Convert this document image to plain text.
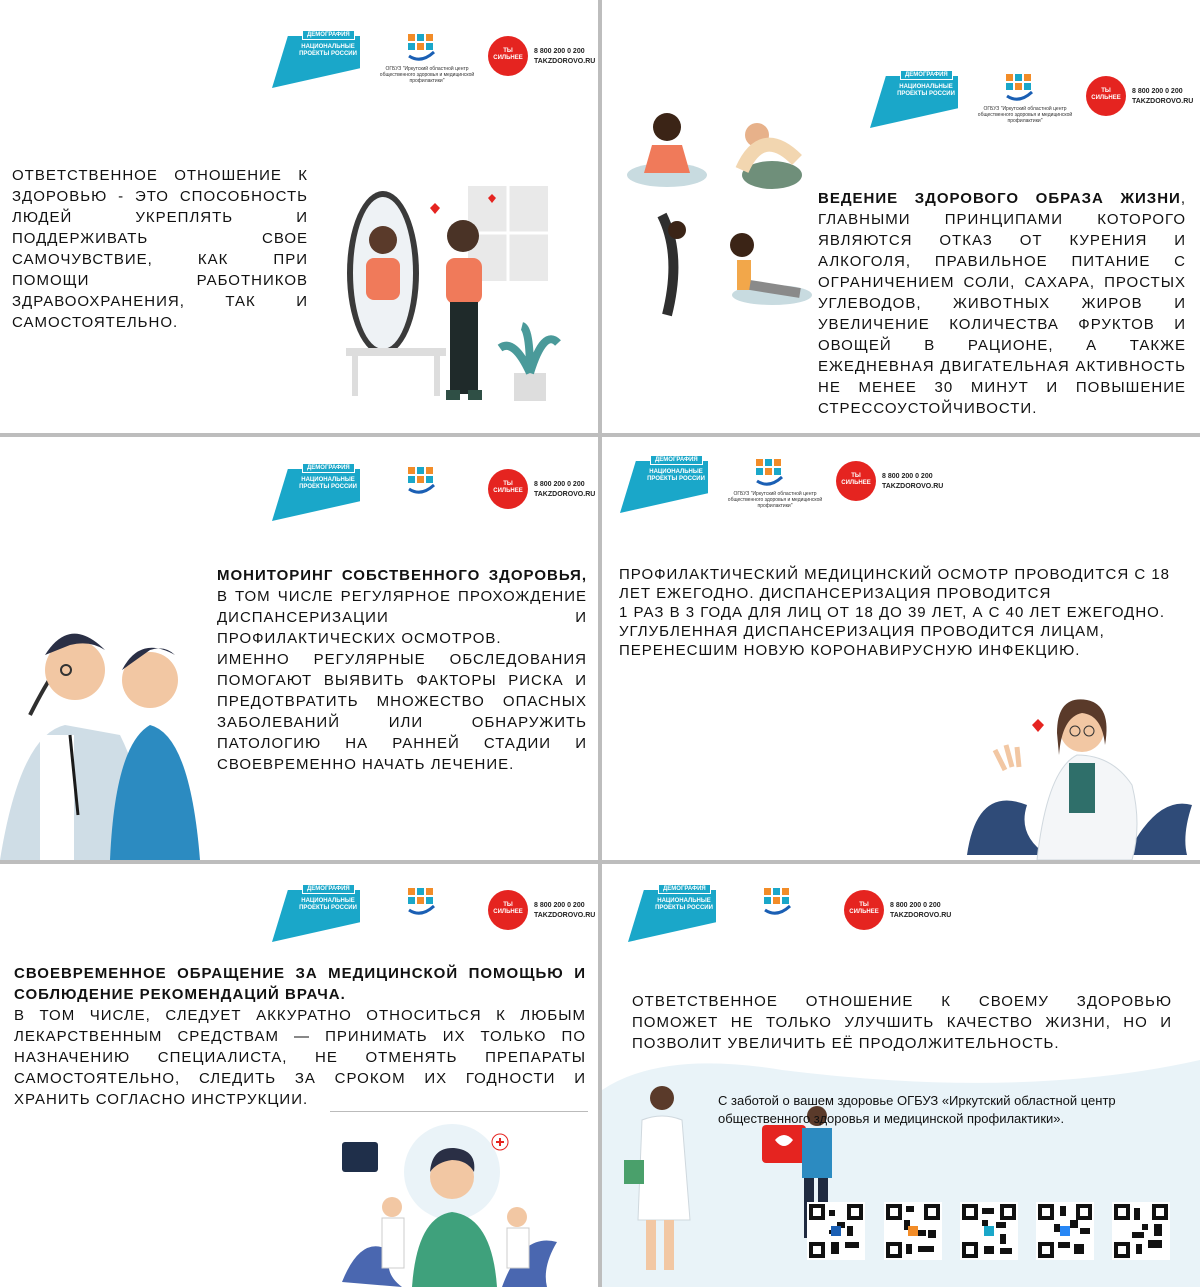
ДЕМОГРАФИЯ
НАЦИОНАЛЬНЫЕ ПРОЕКТЫ РОССИИ
ОГБУЗ "Иркутский областной центр общественного здоровья и медицинской профилактики"
ТЫ СИЛЬНЕЕ
8 800 200 0 200
TAKZDOROVO.RU

ОТВЕТСТВЕННОЕ ОТНОШЕНИЕ К ЗДОРОВЬЮ - ЭТО СПОСОБНОСТЬ ЛЮДЕЙ УКРЕПЛЯТЬ И ПОДДЕРЖИВАТЬ СВОЕ САМОЧУВСТВИЕ, КАК ПРИ ПОМОЩИ РАБОТНИКОВ ЗДРАВООХРАНЕНИЯ, ТАК И САМОСТОЯТЕЛЬНО.

ДЕМОГРАФИЯ
НАЦИОНАЛЬНЫЕ ПРОЕКТЫ РОССИИ
ОГБУЗ "Иркутский областной центр общественного здоровья и медицинской профилактики"
ТЫ СИЛЬНЕЕ
8 800 200 0 200
TAKZDOROVO.RU

ВЕДЕНИЕ ЗДОРОВОГО ОБРАЗА ЖИЗНИ, ГЛАВНЫМИ ПРИНЦИПАМИ КОТОРОГО ЯВЛЯЮТСЯ ОТКАЗ ОТ КУРЕНИЯ И АЛКОГОЛЯ, ПРАВИЛЬНОЕ ПИТАНИЕ С ОГРАНИЧЕНИЕМ СОЛИ, САХАРА, ПРОСТЫХ УГЛЕВОДОВ, ЖИВОТНЫХ ЖИРОВ И УВЕЛИЧЕНИЕ КОЛИЧЕСТВА ФРУКТОВ И ОВОЩЕЙ В РАЦИОНЕ, А ТАКЖЕ ЕЖЕДНЕВНАЯ ДВИГАТЕЛЬНАЯ АКТИВНОСТЬ НЕ МЕНЕЕ 30 МИНУТ И ПОВЫШЕНИЕ СТРЕССОУСТОЙЧИВОСТИ.

ДЕМОГРАФИЯ
НАЦИОНАЛЬНЫЕ ПРОЕКТЫ РОССИИ	ТЫ СИЛЬНЕЕ
8 800 200 0 200
TAKZDOROVO.RU

МОНИТОРИНГ СОБСТВЕННОГО ЗДОРОВЬЯ, В ТОМ ЧИСЛЕ РЕГУЛЯРНОЕ ПРОХОЖДЕНИЕ ДИСПАНСЕРИЗАЦИИ И ПРОФИЛАКТИЧЕСКИХ ОСМОТРОВ.

ИМЕННО РЕГУЛЯРНЫЕ ОБСЛЕДОВАНИЯ ПОМОГАЮТ ВЫЯВИТЬ ФАКТОРЫ РИСКА И ПРЕДОТВРАТИТЬ МНОЖЕСТВО ОПАСНЫХ ЗАБОЛЕВАНИЙ ИЛИ ОБНАРУЖИТЬ ПАТОЛОГИЮ НА РАННЕЙ СТАДИИ И СВОЕВРЕМЕННО НАЧАТЬ ЛЕЧЕНИЕ.

ДЕМОГРАФИЯ
НАЦИОНАЛЬНЫЕ ПРОЕКТЫ РОССИИ
ОГБУЗ "Иркутский областной центр общественного здоровья и медицинской профилактики"
ТЫ СИЛЬНЕЕ
8 800 200 0 200
TAKZDOROVO.RU

ПРОФИЛАКТИЧЕСКИЙ МЕДИЦИНСКИЙ ОСМОТР ПРОВОДИТСЯ С 18 ЛЕТ ЕЖЕГОДНО. ДИСПАНСЕРИЗАЦИЯ ПРОВОДИТСЯ

1 РАЗ В 3 ГОДА ДЛЯ ЛИЦ ОТ 18 ДО 39 ЛЕТ, А С 40 ЛЕТ ЕЖЕГОДНО.

УГЛУБЛЕННАЯ ДИСПАНСЕРИЗАЦИЯ ПРОВОДИТСЯ ЛИЦАМ, ПЕРЕНЕСШИМ НОВУЮ КОРОНАВИРУСНУЮ ИНФЕКЦИЮ.

ДЕМОГРАФИЯ
НАЦИОНАЛЬНЫЕ ПРОЕКТЫ РОССИИ	ТЫ СИЛЬНЕЕ
8 800 200 0 200
TAKZDOROVO.RU

СВОЕВРЕМЕННОЕ ОБРАЩЕНИЕ ЗА МЕДИЦИНСКОЙ ПОМОЩЬЮ И СОБЛЮДЕНИЕ РЕКОМЕНДАЦИЙ ВРАЧА.

В ТОМ ЧИСЛЕ, СЛЕДУЕТ АККУРАТНО ОТНОСИТЬСЯ К ЛЮБЫМ ЛЕКАРСТВЕННЫМ СРЕДСТВАМ — ПРИНИМАТЬ ИХ ТОЛЬКО ПО НАЗНАЧЕНИЮ СПЕЦИАЛИСТА, НЕ ОТМЕНЯТЬ ПРЕПАРАТЫ САМОСТОЯТЕЛЬНО, СЛЕДИТЬ ЗА СРОКОМ ИХ ГОДНОСТИ И ХРАНИТЬ СОГЛАСНО ИНСТРУКЦИИ.

ДЕМОГРАФИЯ
НАЦИОНАЛЬНЫЕ ПРОЕКТЫ РОССИИ	ТЫ СИЛЬНЕЕ
8 800 200 0 200
TAKZDOROVO.RU

ОТВЕТСТВЕННОЕ ОТНОШЕНИЕ К СВОЕМУ ЗДОРОВЬЮ ПОМОЖЕТ НЕ ТОЛЬКО УЛУЧШИТЬ КАЧЕСТВО ЖИЗНИ, НО И ПОЗВОЛИТ УВЕЛИЧИТЬ ЕЁ ПРОДОЛЖИТЕЛЬНОСТЬ.

С заботой о вашем здоровье ОГБУЗ «Иркутский областной центр общественного здоровья и медицинской профилактики».
